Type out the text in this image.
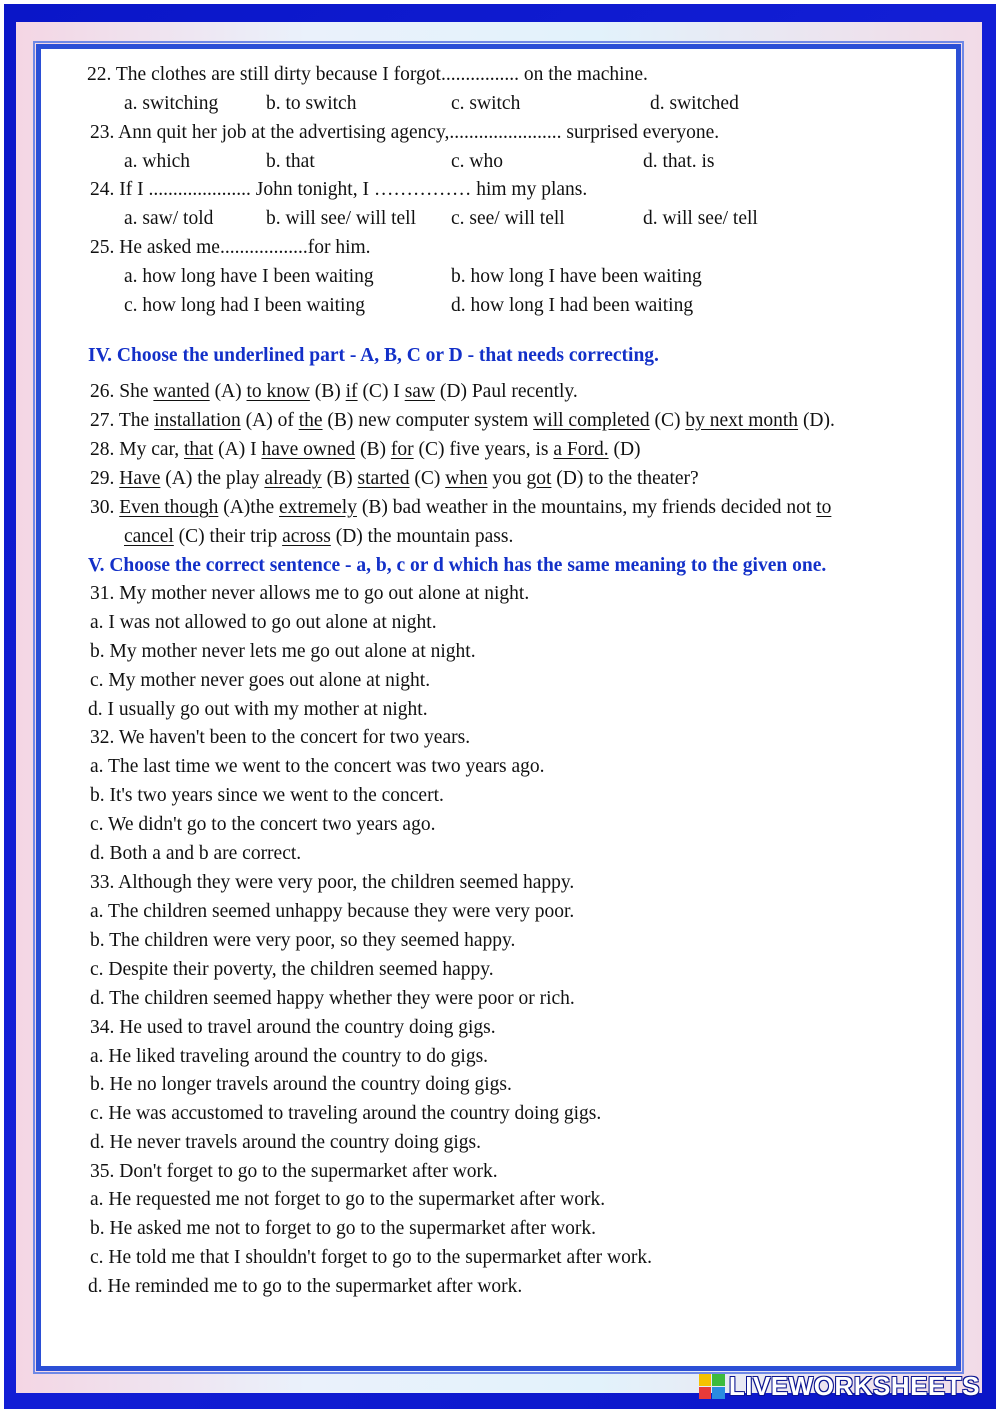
LIVEWORKSHEETS
22. The clothes are still dirty because I forgot................ on the machine.
a. switching b. to switch	c. switch	d. switched
23. Ann quit her job at the advertising agency,....................... surprised everyone.
a. which	b. that	c. who	d. that. is
24. If I ..................... John tonight, I …………… him my plans.
a. saw/ told	b. will see/ will tell c. see/ will tell	d. will see/ tell
25. He asked me..................for him.
a. how long have I been waiting	b. how long I have been waiting
c. how long had I been waiting	d. how long I had been waiting
IV. Choose the underlined part - A, B, C or D - that needs correcting.
26. She wanted (A) to know (B) if (C) I saw (D) Paul recently.
27. The installation (A) of the (B) new computer system will completed (C) by next month (D).
28. My car, that (A) I have owned (B) for (C) five years, is a Ford. (D)
29. Have (A) the play already (B) started (C) when you got (D) to the theater?
30. Even though (A)the extremely (B) bad weather in the mountains, my friends decided not to
cancel (C) their trip across (D) the mountain pass.
V. Choose the correct sentence - a, b, c or d which has the same meaning to the given one.
31. My mother never allows me to go out alone at night.
a. I was not allowed to go out alone at night.
b. My mother never lets me go out alone at night.
c. My mother never goes out alone at night.
d. I usually go out with my mother at night.
32. We haven't been to the concert for two years.
a. The last time we went to the concert was two years ago.
b. It's two years since we went to the concert.
c. We didn't go to the concert two years ago.
d. Both a and b are correct.
33. Although they were very poor, the children seemed happy.
a. The children seemed unhappy because they were very poor.
b. The children were very poor, so they seemed happy.
c. Despite their poverty, the children seemed happy.
d. The children seemed happy whether they were poor or rich.
34. He used to travel around the country doing gigs.
a. He liked traveling around the country to do gigs.
b. He no longer travels around the country doing gigs.
c. He was accustomed to traveling around the country doing gigs.
d. He never travels around the country doing gigs.
35. Don't forget to go to the supermarket after work.
a. He requested me not forget to go to the supermarket after work.
b. He asked me not to forget to go to the supermarket after work.
c. He told me that I shouldn't forget to go to the supermarket after work.
d. He reminded me to go to the supermarket after work.
